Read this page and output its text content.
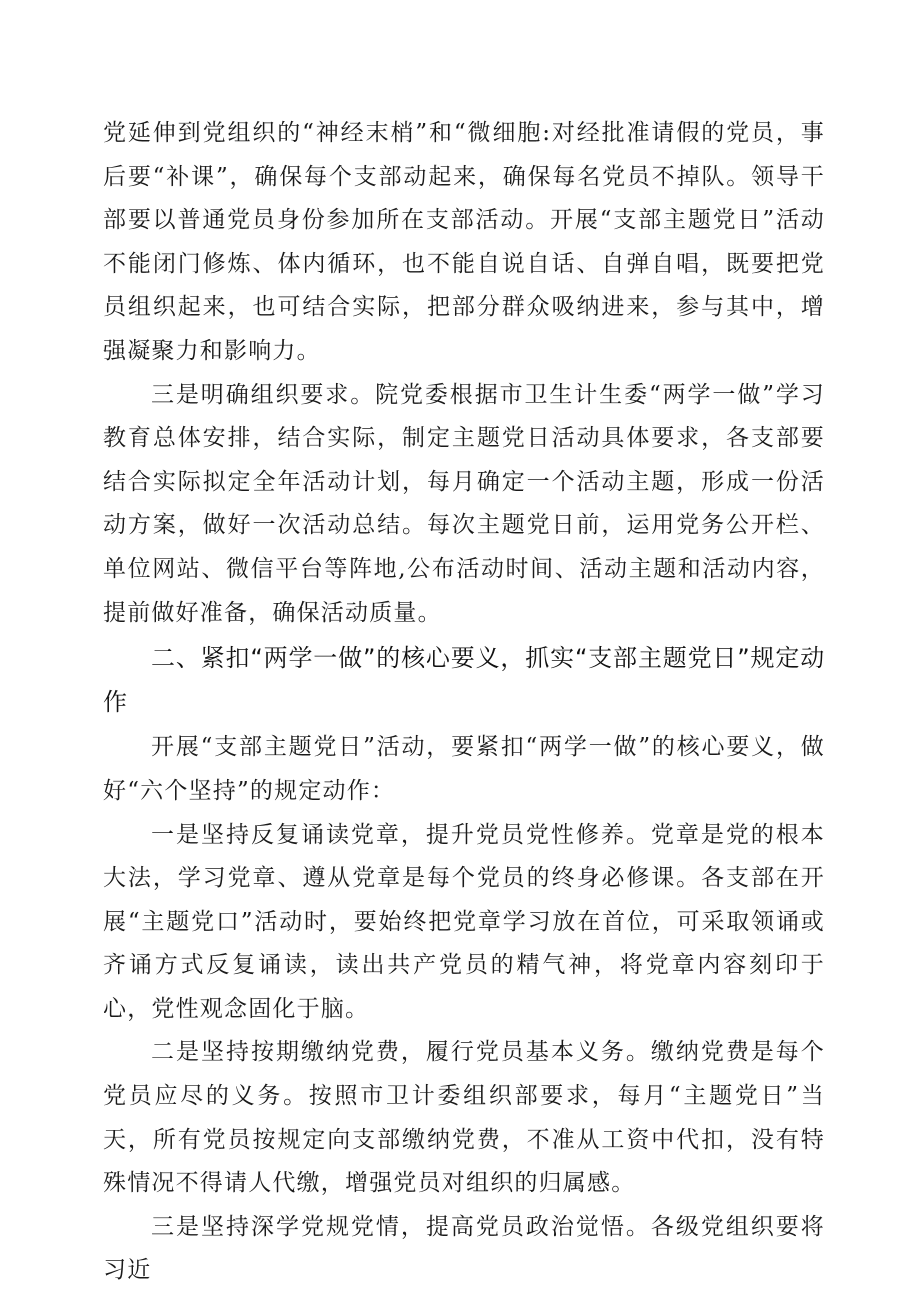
党延伸到党组织的“神经末梢”和“微细胞:对经批准请假的党员，事后要“补课”，确保每个支部动起来，确保每名党员不掉队。领导干部要以普通党员身份参加所在支部活动。开展“支部主题党日”活动不能闭门修炼、体内循环，也不能自说自话、自弹自唱，既要把党员组织起来，也可结合实际，把部分群众吸纳进来，参与其中，增强凝聚力和影响力。

三是明确组织要求。院党委根据市卫生计生委“两学一做”学习教育总体安排，结合实际，制定主题党日活动具体要求，各支部要结合实际拟定全年活动计划，每月确定一个活动主题，形成一份活动方案，做好一次活动总结。每次主题党日前，运用党务公开栏、单位网站、微信平台等阵地,公布活动时间、活动主题和活动内容，提前做好准备，确保活动质量。

二、紧扣“两学一做”的核心要义，抓实“支部主题党日”规定动作

开展“支部主题党日”活动，要紧扣“两学一做”的核心要义，做好“六个坚持”的规定动作：

一是坚持反复诵读党章，提升党员党性修养。党章是党的根本大法，学习党章、遵从党章是每个党员的终身必修课。各支部在开展“主题党口”活动时，要始终把党章学习放在首位，可采取领诵或齐诵方式反复诵读，读出共产党员的精气神，将党章内容刻印于心，党性观念固化于脑。

二是坚持按期缴纳党费，履行党员基本义务。缴纳党费是每个党员应尽的义务。按照市卫计委组织部要求，每月“主题党日”当天，所有党员按规定向支部缴纳党费，不准从工资中代扣，没有特殊情况不得请人代缴，增强党员对组织的归属感。

三是坚持深学党规党情，提高党员政治觉悟。各级党组织要将习近
